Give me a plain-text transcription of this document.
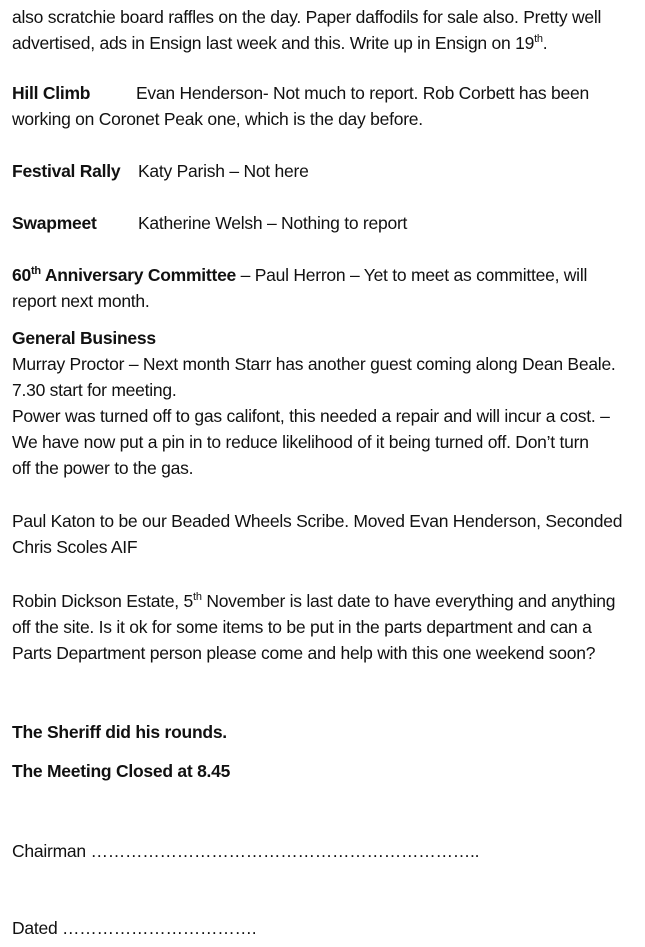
also scratchie board raffles on the day. Paper daffodils for sale also. Pretty well
advertised, ads in Ensign last week and this. Write up in Ensign on 19th.

Hill Climb	Evan Henderson- Not much to report. Rob Corbett has been
working on Coronet Peak one, which is the day before.

Festival Rally Katy Parish – Not here

Swapmeet Katherine Welsh – Nothing to report

60th Anniversary Committee – Paul Herron – Yet to meet as committee, will
report next month.

General Business
Murray Proctor – Next month Starr has another guest coming along Dean Beale.
7.30 start for meeting.
Power was turned off to gas califont, this needed a repair and will incur a cost. –
We have now put a pin in to reduce likelihood of it being turned off. Don’t turn
off the power to the gas.

Paul Katon to be our Beaded Wheels Scribe. Moved Evan Henderson, Seconded
Chris Scoles AIF

Robin Dickson Estate, 5th November is last date to have everything and anything
off the site. Is it ok for some items to be put in the parts department and can a
Parts Department person please come and help with this one weekend soon?

The Sheriff did his rounds.

The Meeting Closed at 8.45

Chairman …………………………………………………………..

Dated …………………………….
